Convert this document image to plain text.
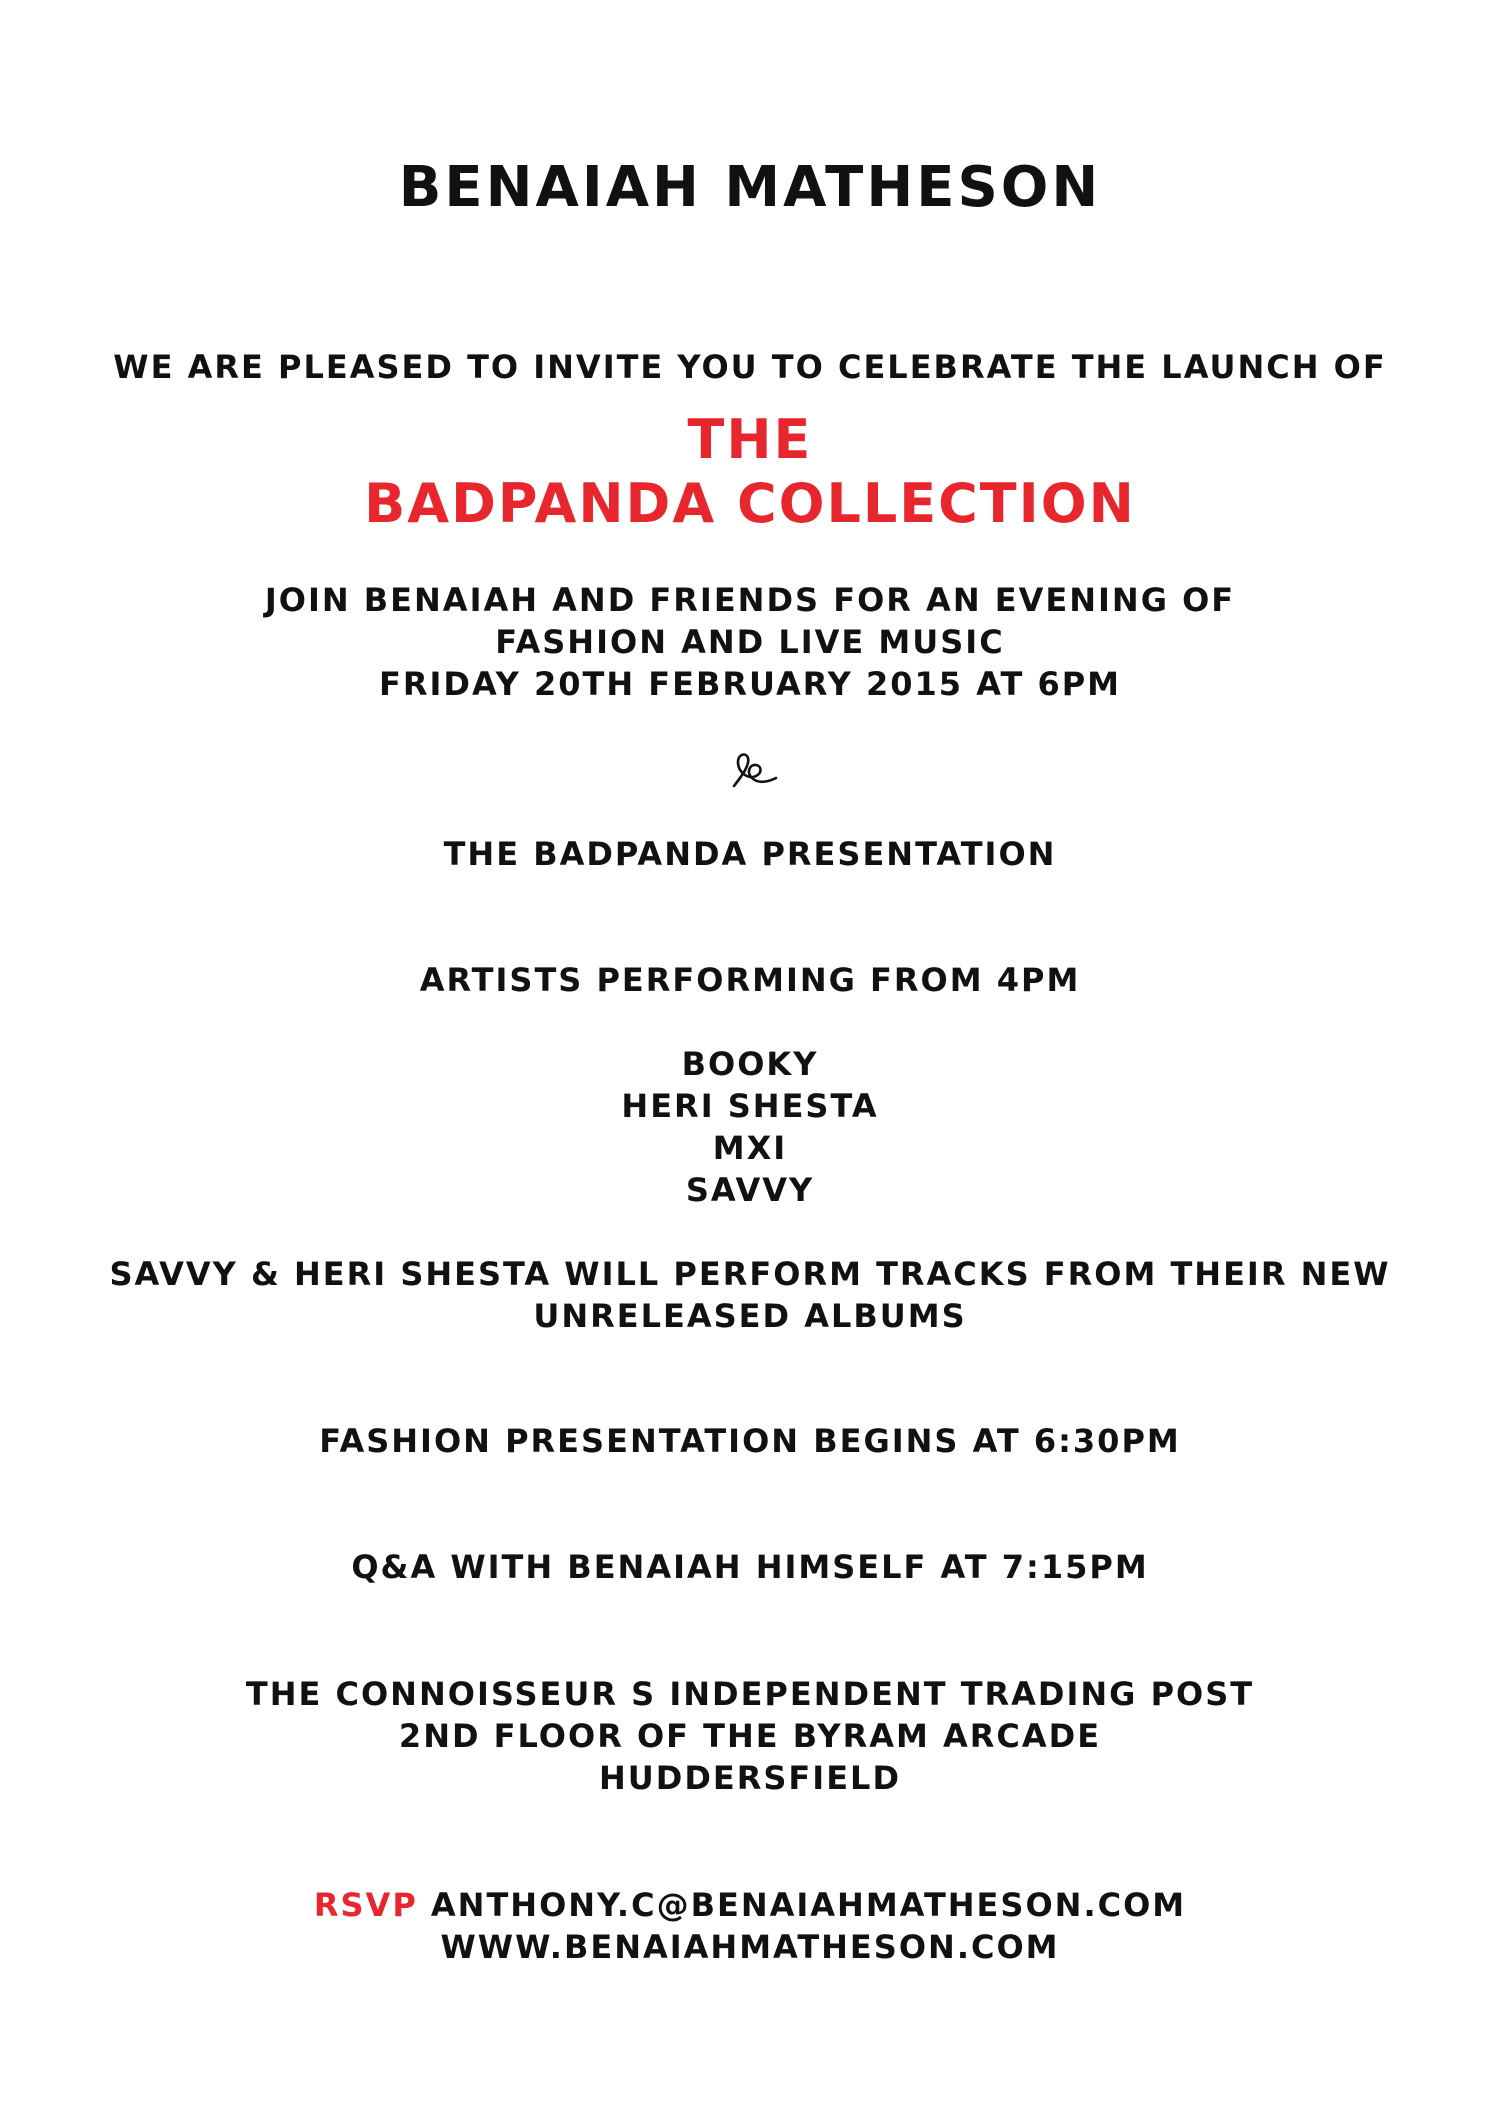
BENAIAH MATHESON
WE ARE PLEASED TO INVITE YOU TO CELEBRATE THE LAUNCH OF
THE
BADPANDA COLLECTION
JOIN BENAIAH AND FRIENDS FOR AN EVENING OF
FASHION AND LIVE MUSIC
FRIDAY 20TH FEBRUARY 2015 AT 6PM
THE BADPANDA PRESENTATION
ARTISTS PERFORMING FROM 4PM
BOOKY
HERI SHESTA
MXI
SAVVY
SAVVY & HERI SHESTA WILL PERFORM TRACKS FROM THEIR NEW
UNRELEASED ALBUMS
FASHION PRESENTATION BEGINS AT 6:30PM
Q&A WITH BENAIAH HIMSELF AT 7:15PM
THE CONNOISSEUR S INDEPENDENT TRADING POST
2ND FLOOR OF THE BYRAM ARCADE
HUDDERSFIELD
RSVP ANTHONY.C@BENAIAHMATHESON.COM
WWW.BENAIAHMATHESON.COM
